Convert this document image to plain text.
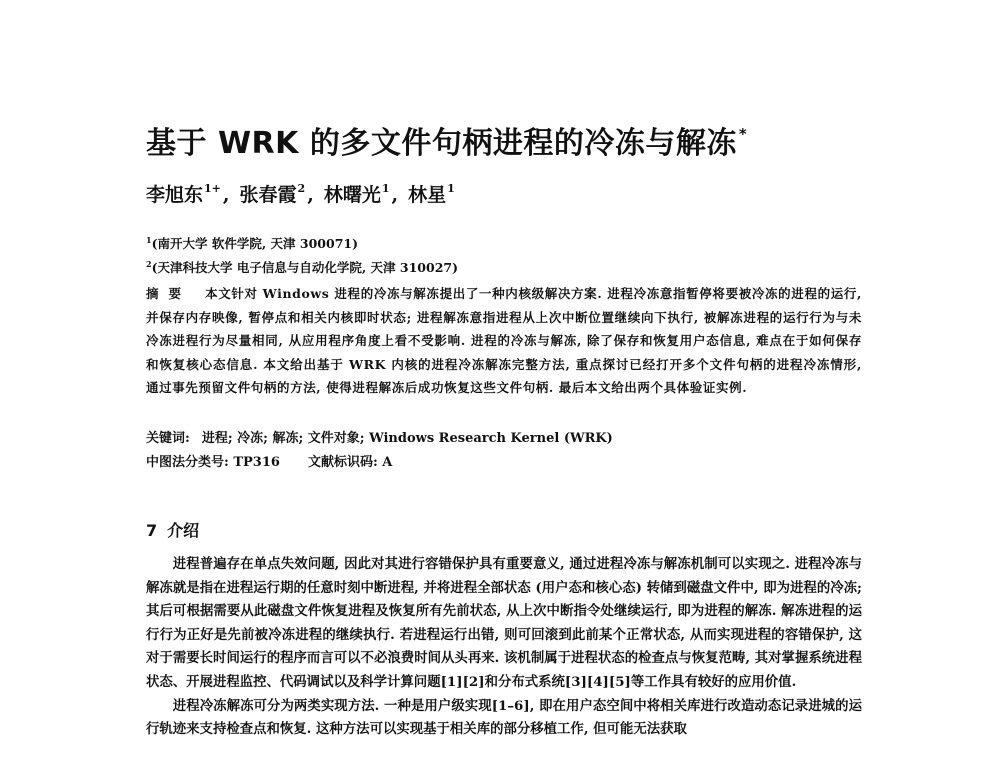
基于 WRK 的多文件句柄进程的冷冻与解冻 *
李旭东$^{1+}$ , 张春霞$^2$ , 林曙光$^1$ , 林星$^1$
$^1$(南开大学 软件学院, 天津 300071)
$^2$(天津科技大学 电子信息与自动化学院, 天津 310027)
摘要 本文针对 Windows 进程的冷冻与解冻提出了一种内核级解决方案. 进程冷冻意指暂停将要被冷冻的进程的运行, 并保存内存映像, 暂停点和相关内核即时状态; 进程解冻意指进程从上次中断位置继续向下执行, 被解冻进程的运行行为与未冷冻进程行为尽量相同, 从应用程序角度上看不受影响. 进程的冷冻与解冻, 除了保存和恢复用户态信息, 难点在于如何保存和恢复核心态信息. 本文给出基于 WRK 内核的进程冷冻解冻完整方法, 重点探讨已经打开多个文件句柄的进程冷冻情形, 通过事先预留文件句柄的方法, 使得进程解冻后成功恢复这些文件句柄. 最后本文给出两个具体验证实例.
关键词: 进程; 冷冻; 解冻; 文件对象; Windows Research Kernel (WRK)
中图法分类号: TP316 文献标识码: A
7 介绍

进程普遍存在单点失效问题, 因此对其进行容错保护具有重要意义, 通过进程冷冻与解冻机制可以实现之. 进程冷冻与解冻就是指在进程运行期的任意时刻中断进程, 并将进程全部状态 (用户态和核心态) 转储到磁盘文件中, 即为进程的冷冻; 其后可根据需要从此磁盘文件恢复进程及恢复所有先前状态, 从上次中断指令处继续运行, 即为进程的解冻. 解冻进程的运行行为正好是先前被冷冻进程的继续执行. 若进程运行出错, 则可回滚到此前某个正常状态, 从而实现进程的容错保护, 这对于需要长时间运行的程序而言可以不必浪费时间从头再来. 该机制属于进程状态的检查点与恢复范畴, 其对掌握系统进程状态、开展进程监控、代码调试以及科学计算问题[1][2]和分布式系统[3][4][5]等工作具有较好的应用价值.

进程冷冻解冻可分为两类实现方法. 一种是用户级实现[1–6], 即在用户态空间中将相关库进行改造动态记录进城的运行轨迹来支持检查点和恢复. 这种方法可以实现基于相关库的部分移植工作, 但可能无法获取
